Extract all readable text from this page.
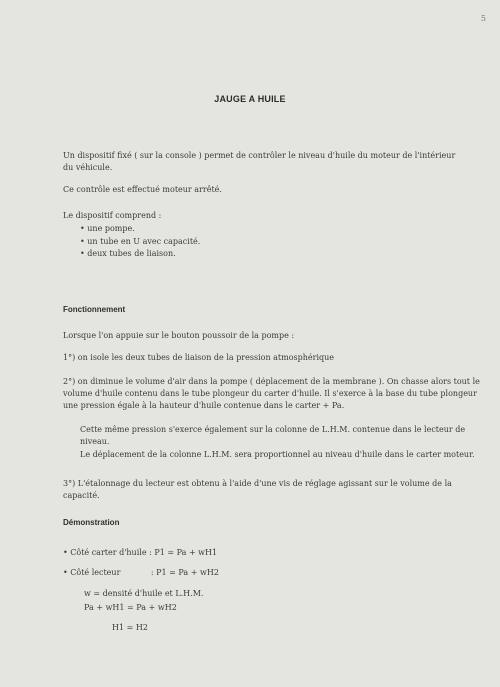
5
JAUGE A HUILE
Un dispositif fixé ( sur la console ) permet de contrôler le niveau d'huile du moteur de l'intérieur du véhicule.
Ce contrôle est effectué moteur arrêté.
Le dispositif comprend :
• une pompe.
• un tube en U avec capacité.
• deux tubes de liaison.
Fonctionnement
Lorsque l'on appuie sur le bouton poussoir de la pompe :
1°) on isole les deux tubes de liaison de la pression atmosphérique
2°) on diminue le volume d'air dans la pompe ( déplacement de la membrane ). On chasse alors tout le volume d'huile contenu dans le tube plongeur du carter d'huile. Il s'exerce à la base du tube plongeur une pression égale à la hauteur d'huile contenue dans le carter + Pa.
Cette même pression s'exerce également sur la colonne de L.H.M. contenue dans le lecteur de niveau.
Le déplacement de la colonne L.H.M. sera proportionnel au niveau d'huile dans le carter moteur.
3°) L'étalonnage du lecteur est obtenu à l'aide d'une vis de réglage agissant sur le volume de la capacité.
Démonstration
• Côté carter d'huile : P1 = Pa + wH1
• Côté lecteur            : P1 = Pa + wH2
w = densité d'huile et L.H.M.
Pa + wH1 = Pa + wH2
H1 = H2
